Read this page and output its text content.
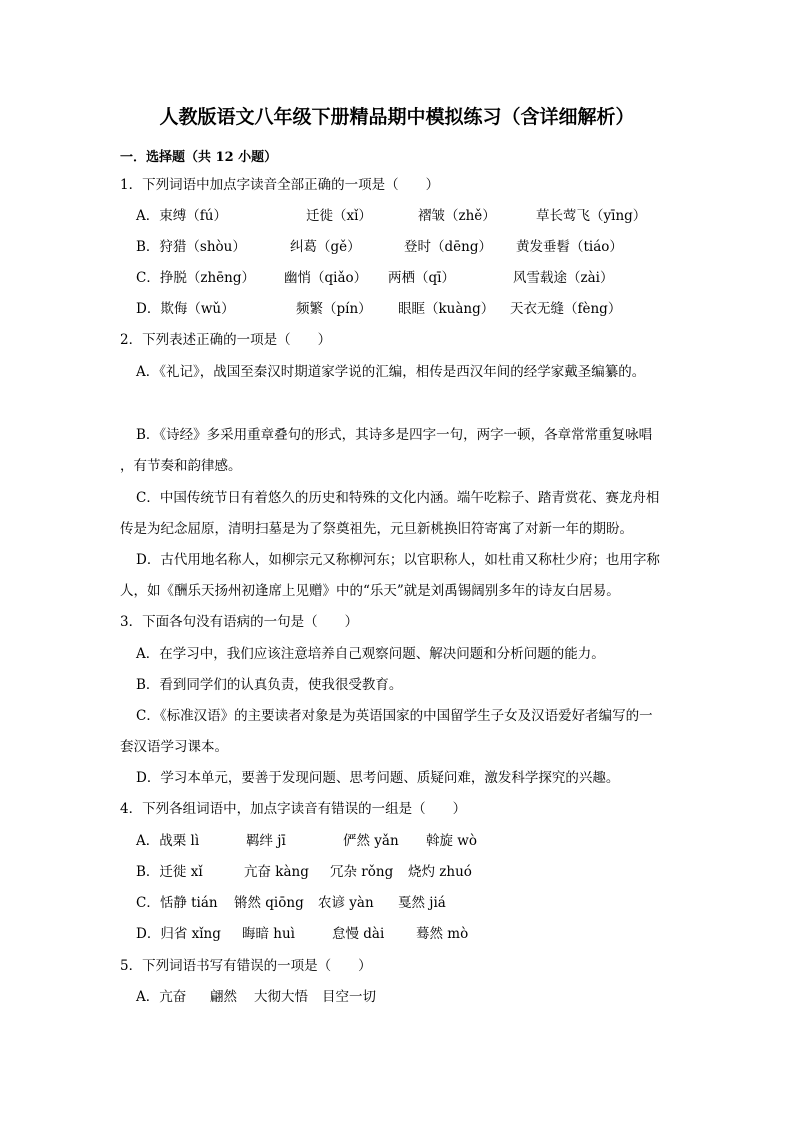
人教版语文八年级下册精品期中模拟练习（含详细解析）
一．选择题（共 12 小题）
1．下列词语中加点字读音全部正确的一项是（　　）
A．束缚（fú）	迁徙（xǐ）	褶皱（zhě）	草长莺飞（yīng）
B．狩猎（shòu）	纠葛（gě）	登时（dēng） 黄发垂髫（tiáo）
C．挣脱（zhēng） 幽悄（qiǎo） 两栖（qī）	风雪载途（zài）
D．欺侮（wǔ）	频繁（pín） 眼眶（kuàng） 天衣无缝（fèng）
2．下列表述正确的一项是（　　）
A．《礼记》，战国至秦汉时期道家学说的汇编，相传是西汉年间的经学家戴圣编纂的。
B．《诗经》多采用重章叠句的形式，其诗多是四字一句，两字一顿，各章常常重复咏唱
，有节奏和韵律感。
C．中国传统节日有着悠久的历史和特殊的文化内涵。端午吃粽子、踏青赏花、赛龙舟相
传是为纪念屈原，清明扫墓是为了祭奠祖先，元旦新桃换旧符寄寓了对新一年的期盼。
D．古代用地名称人，如柳宗元又称柳河东；以官职称人，如杜甫又称杜少府；也用字称
人，如《酬乐天扬州初逢席上见赠》中的“乐天”就是刘禹锡阔别多年的诗友白居易。
3．下面各句没有语病的一句是（　　）
A．在学习中，我们应该注意培养自己观察问题、解决问题和分析问题的能力。
B．看到同学们的认真负责，使我很受教育。
C．《标准汉语》的主要读者对象是为英语国家的中国留学生子女及汉语爱好者编写的一
套汉语学习课本。
D．学习本单元，要善于发现问题、思考问题、质疑问难，激发科学探究的兴趣。
4．下列各组词语中，加点字读音有错误的一组是（　　）
A．战栗 lì	羁绊 jī	俨然 yǎn 斡旋 wò
B．迁徙 xǐ	亢奋 kàng 冗杂 rǒng 烧灼 zhuó
C．恬静 tián 锵然 qiōng 农谚 yàn 戛然 jiá
D．归省 xǐng 晦暗 huì	怠慢 dài 蓦然 mò
5．下列词语书写有错误的一项是（　　）
A．亢奋 翩然 大彻大悟 目空一切
